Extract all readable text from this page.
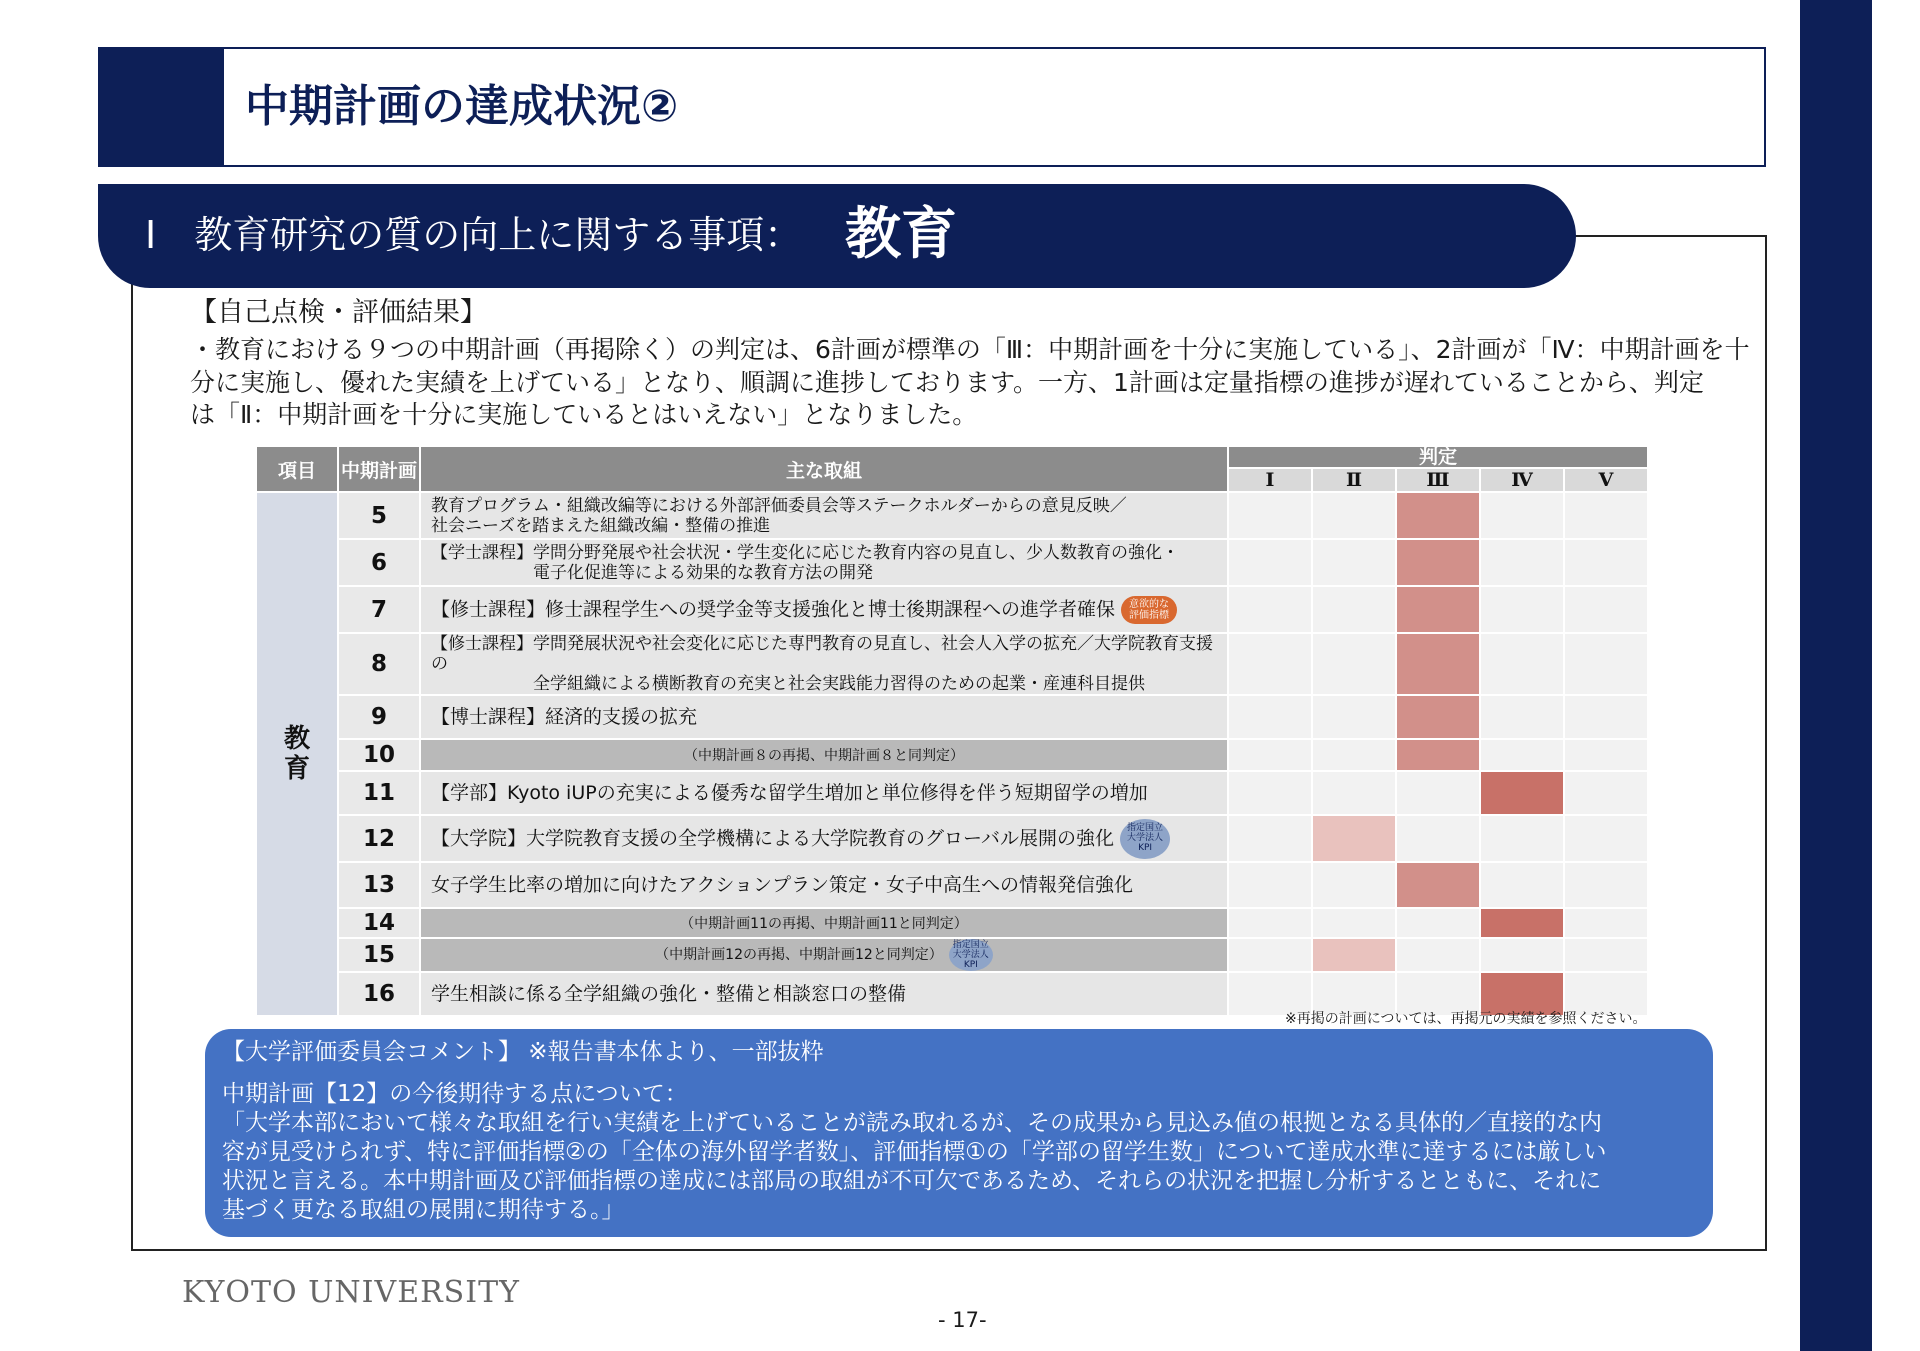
中期計画の達成状況②
Ⅰ　教育研究の質の向上に関する事項： 教育
【自己点検・評価結果】
・教育における９つの中期計画（再掲除く）の判定は、6計画が標準の「Ⅲ：中期計画を十分に実施している」、2計画が「Ⅳ：中期計画を十
分に実施し、優れた実績を上げている」となり、順調に進捗しております。一方、1計画は定量指標の進捗が遅れていることから、判定
は「Ⅱ：中期計画を十分に実施しているとはいえない」となりました。
項目	中期計画	主な取組	判定				
			Ⅰ	Ⅱ	Ⅲ	Ⅳ	Ⅴ
教
育	5	教育プログラム・組織改編等における外部評価委員会等ステークホルダーからの意見反映／
社会ニーズを踏まえた組織改編・整備の推進					
	6	【学士課程】学問分野発展や社会状況・学生変化に応じた教育内容の見直し、少人数教育の強化・
　　　　　　電子化促進等による効果的な教育方法の開発					
	7	【修士課程】修士課程学生への奨学金等支援強化と博士後期課程への進学者確保 意欲的な
評価指標					
	8	【修士課程】学問発展状況や社会変化に応じた専門教育の見直し、社会人入学の拡充／大学院教育支援の
　　　　　　全学組織による横断教育の充実と社会実践能力習得のための起業・産連科目提供					
	9	【博士課程】経済的支援の拡充					
	10	（中期計画８の再掲、中期計画８と同判定）					
	11	【学部】Kyoto iUPの充実による優秀な留学生増加と単位修得を伴う短期留学の増加					
	12	【大学院】大学院教育支援の全学機構による大学院教育のグローバル展開の強化 指定国立
大学法人
KPI					
	13	女子学生比率の増加に向けたアクションプラン策定・女子中高生への情報発信強化					
	14	（中期計画11の再掲、中期計画11と同判定）					
	15	（中期計画12の再掲、中期計画12と同判定）指定国立
大学法人
KPI					
	16	学生相談に係る全学組織の強化・整備と相談窓口の整備					
※再掲の計画については、再掲元の実績を参照ください。
【大学評価委員会コメント】 ※報告書本体より、一部抜粋
中期計画【12】の今後期待する点について：
「大学本部において様々な取組を行い実績を上げていることが読み取れるが、その成果から見込み値の根拠となる具体的／直接的な内
容が見受けられず、特に評価指標②の「全体の海外留学者数」、評価指標①の「学部の留学生数」について達成水準に達するには厳しい
状況と言える。本中期計画及び評価指標の達成には部局の取組が不可欠であるため、それらの状況を把握し分析するとともに、それに
基づく更なる取組の展開に期待する。」
KYOTO UNIVERSITY
- 17-
